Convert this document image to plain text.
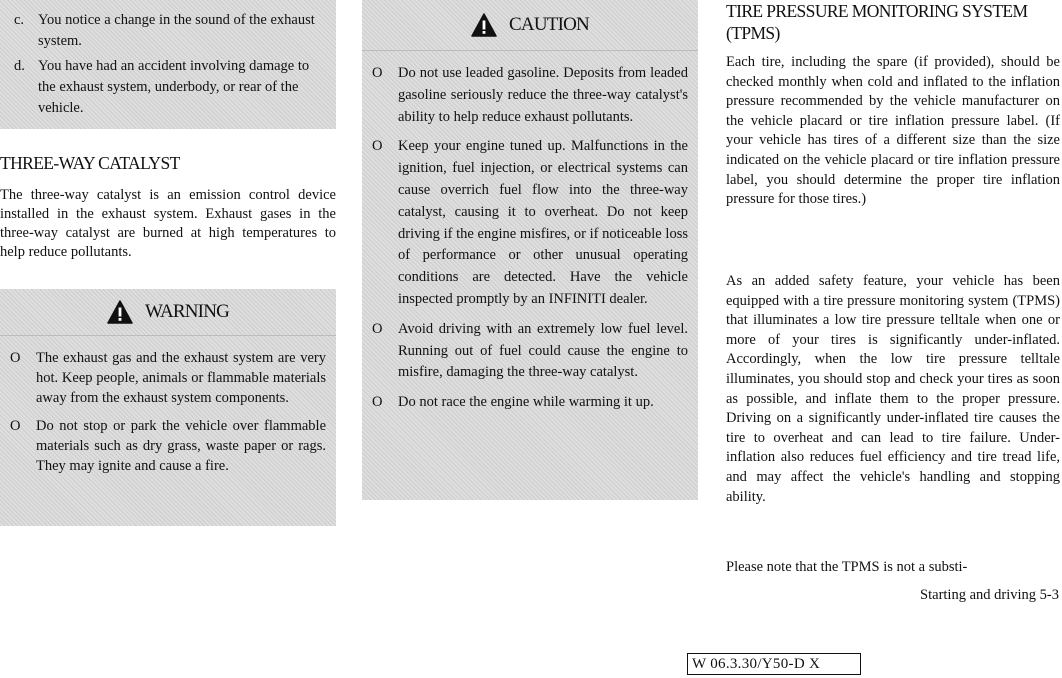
c. You notice a change in the sound of the exhaust system.
d. You have had an accident involving damage to the exhaust system, underbody, or rear of the vehicle.
THREE-WAY CATALYST

The three-way catalyst is an emission control device installed in the exhaust system. Exhaust gases in the three-way catalyst are burned at high temperatures to help reduce pollutants.

WARNING
O The exhaust gas and the exhaust system are very hot. Keep people, animals or flammable materials away from the exhaust system components.
O Do not stop or park the vehicle over flammable materials such as dry grass, waste paper or rags. They may ignite and cause a fire.
CAUTION
O Do not use leaded gasoline. Deposits from leaded gasoline seriously reduce the three-way catalyst's ability to help reduce exhaust pollutants.
O Keep your engine tuned up. Malfunctions in the ignition, fuel injection, or electrical systems can cause overrich fuel flow into the three-way catalyst, causing it to overheat. Do not keep driving if the engine misfires, or if noticeable loss of performance or other unusual operating conditions are detected. Have the vehicle inspected promptly by an INFINITI dealer.
O Avoid driving with an extremely low fuel level. Running out of fuel could cause the engine to misfire, damaging the three-way catalyst.
O Do not race the engine while warming it up.
TIRE PRESSURE MONITORING SYSTEM (TPMS)

Each tire, including the spare (if provided), should be checked monthly when cold and inflated to the inflation pressure recommended by the vehicle manufacturer on the vehicle placard or tire inflation pressure label. (If your vehicle has tires of a different size than the size indicated on the vehicle placard or tire inflation pressure label, you should determine the proper tire inflation pressure for those tires.)

As an added safety feature, your vehicle has been equipped with a tire pressure monitoring system (TPMS) that illuminates a low tire pressure telltale when one or more of your tires is significantly under-inflated. Accordingly, when the low tire pressure telltale illuminates, you should stop and check your tires as soon as possible, and inflate them to the proper pressure. Driving on a significantly under-inflated tire causes the tire to overheat and can lead to tire failure. Under-inflation also reduces fuel efficiency and tire tread life, and may affect the vehicle's handling and stopping ability.

Please note that the TPMS is not a substi-

Starting and driving 5-3
W 06.3.30/Y50-D X
